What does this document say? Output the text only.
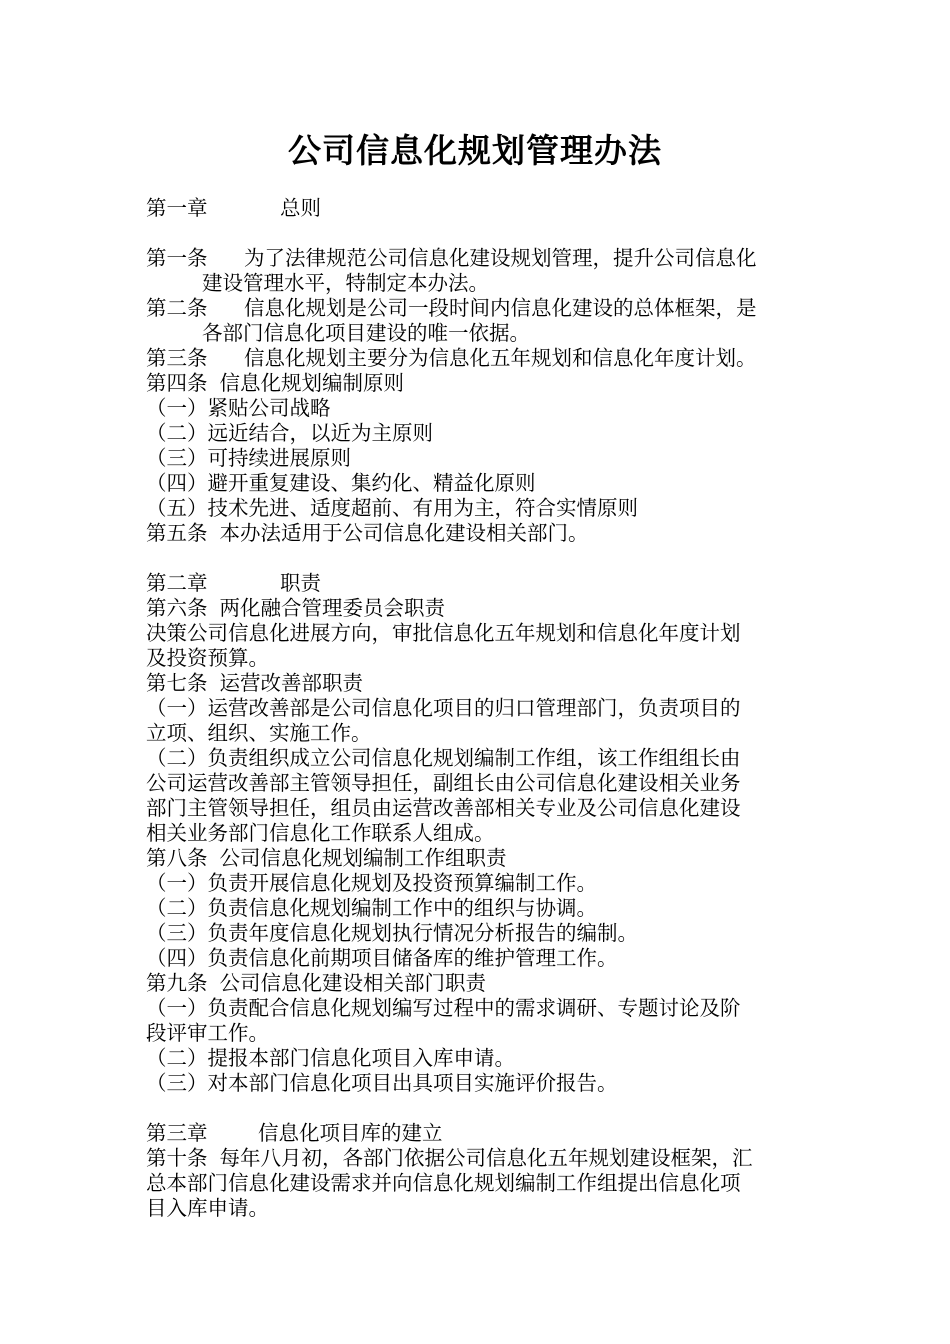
公司信息化规划管理办法
第一章	总则
第一条 为了法律规范公司信息化建设规划管理，提升公司信息化
建设管理水平，特制定本办法。
第二条 信息化规划是公司一段时间内信息化建设的总体框架，是
各部门信息化项目建设的唯一依据。
第三条 信息化规划主要分为信息化五年规划和信息化年度计划。
第四条 信息化规划编制原则
（一）紧贴公司战略
（二）远近结合，以近为主原则
（三）可持续进展原则
（四）避开重复建设、集约化、精益化原则
（五）技术先进、适度超前、有用为主，符合实情原则
第五条 本办法适用于公司信息化建设相关部门。
第二章	职责
第六条 两化融合管理委员会职责
决策公司信息化进展方向，审批信息化五年规划和信息化年度计划
及投资预算。
第七条 运营改善部职责
（一）运营改善部是公司信息化项目的归口管理部门，负责项目的
立项、组织、实施工作。
（二）负责组织成立公司信息化规划编制工作组，该工作组组长由
公司运营改善部主管领导担任，副组长由公司信息化建设相关业务
部门主管领导担任，组员由运营改善部相关专业及公司信息化建设
相关业务部门信息化工作联系人组成。
第八条 公司信息化规划编制工作组职责
（一）负责开展信息化规划及投资预算编制工作。
（二）负责信息化规划编制工作中的组织与协调。
（三）负责年度信息化规划执行情况分析报告的编制。
（四）负责信息化前期项目储备库的维护管理工作。
第九条 公司信息化建设相关部门职责
（一）负责配合信息化规划编写过程中的需求调研、专题讨论及阶
段评审工作。
（二）提报本部门信息化项目入库申请。
（三）对本部门信息化项目出具项目实施评价报告。
第三章 信息化项目库的建立
第十条 每年八月初，各部门依据公司信息化五年规划建设框架，汇
总本部门信息化建设需求并向信息化规划编制工作组提出信息化项
目入库申请。
